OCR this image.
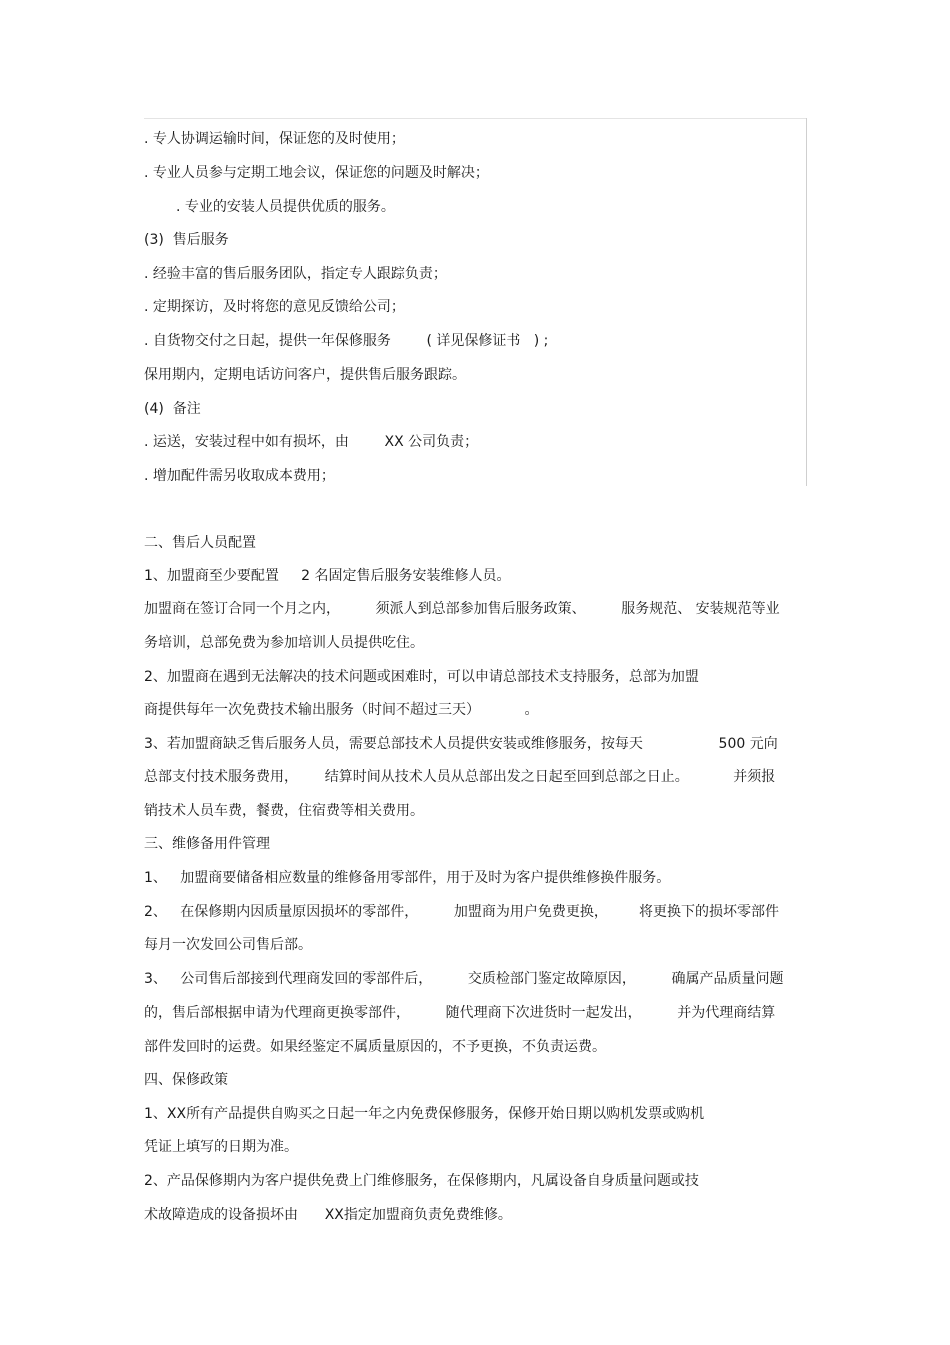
. 专人协调运输时间，保证您的及时使用；
. 专业人员参与定期工地会议，保证您的问题及时解决；
. 专业的安装人员提供优质的服务。
(3)  售后服务
. 经验丰富的售后服务团队，指定专人跟踪负责；
. 定期探访，及时将您的意见反馈给公司；
. 自货物交付之日起，提供一年保修服务        ( 详见保修证书   ) ;
保用期内，定期电话访问客户，提供售后服务跟踪。
(4)  备注
. 运送，安装过程中如有损坏，由        XX 公司负责；
. 增加配件需另收取成本费用；
二、售后人员配置
1、加盟商至少要配置     2 名固定售后服务安装维修人员。
加盟商在签订合同一个月之内，        须派人到总部参加售后服务政策、        服务规范、 安装规范等业
务培训，总部免费为参加培训人员提供吃住。
2、加盟商在遇到无法解决的技术问题或困难时，可以申请总部技术支持服务，总部为加盟
商提供每年一次免费技术输出服务（时间不超过三天）          。
3、若加盟商缺乏售后服务人员，需要总部技术人员提供安装或维修服务，按每天                 500 元向
总部支付技术服务费用，      结算时间从技术人员从总部出发之日起至回到总部之日止。          并须报
销技术人员车费，餐费，住宿费等相关费用。
三、维修备用件管理
1、   加盟商要储备相应数量的维修备用零部件，用于及时为客户提供维修换件服务。
2、   在保修期内因质量原因损坏的零部件，        加盟商为用户免费更换，       将更换下的损坏零部件
每月一次发回公司售后部。
3、   公司售后部接到代理商发回的零部件后，        交质检部门鉴定故障原因，        确属产品质量问题
的，售后部根据申请为代理商更换零部件，        随代理商下次进货时一起发出，        并为代理商结算
部件发回时的运费。如果经鉴定不属质量原因的，不予更换，不负责运费。
四、保修政策
1、XX所有产品提供自购买之日起一年之内免费保修服务，保修开始日期以购机发票或购机
凭证上填写的日期为准。
2、产品保修期内为客户提供免费上门维修服务，在保修期内，凡属设备自身质量问题或技
术故障造成的设备损坏由      XX指定加盟商负责免费维修。
